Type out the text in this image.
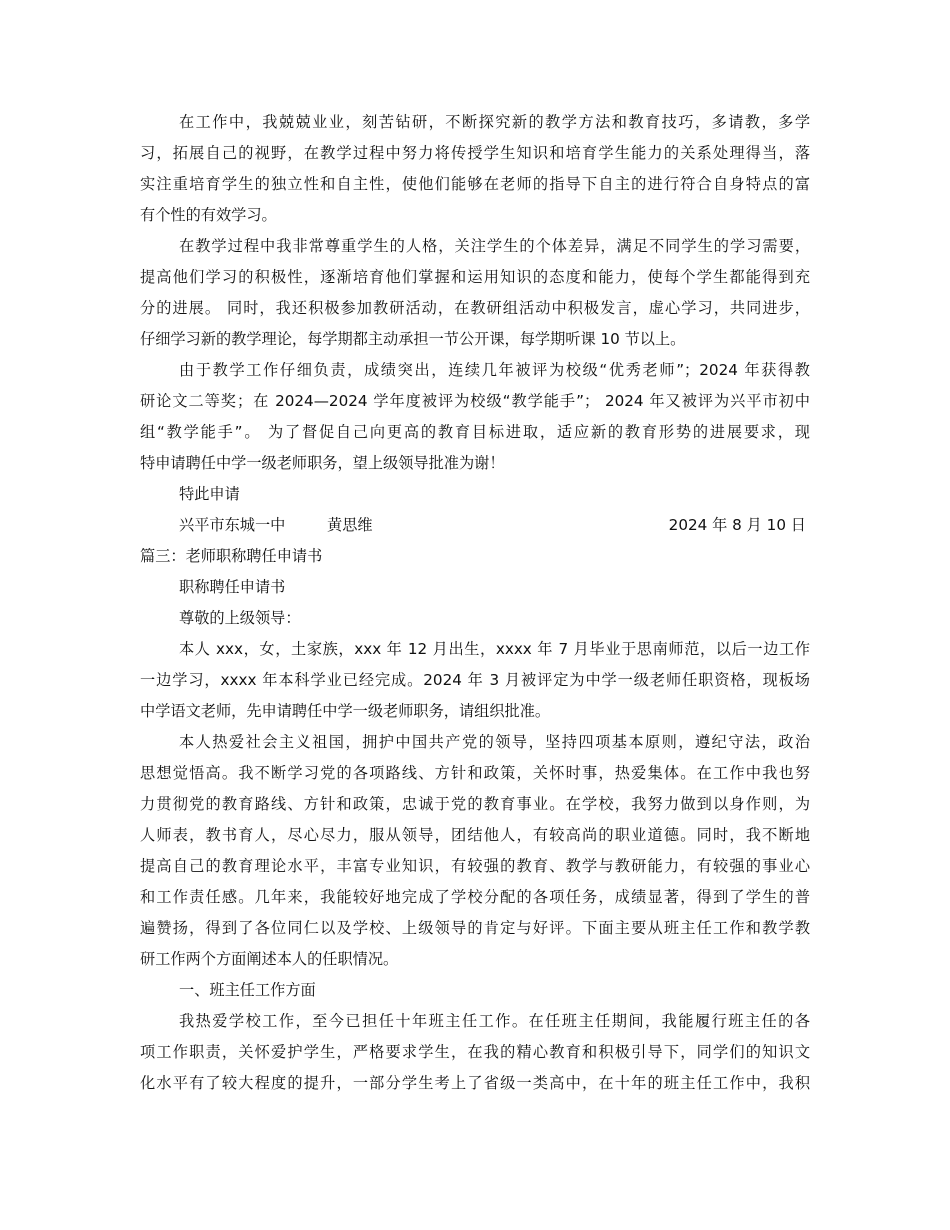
在工作中，我兢兢业业，刻苦钻研，不断探究新的教学方法和教育技巧，多请教，多学
习，拓展自己的视野，在教学过程中努力将传授学生知识和培育学生能力的关系处理得当，落
实注重培育学生的独立性和自主性，使他们能够在老师的指导下自主的进行符合自身特点的富
有个性的有效学习。
在教学过程中我非常尊重学生的人格，关注学生的个体差异，满足不同学生的学习需要，
提高他们学习的积极性，逐渐培育他们掌握和运用知识的态度和能力，使每个学生都能得到充
分的进展。 同时，我还积极参加教研活动，在教研组活动中积极发言，虚心学习，共同进步，
仔细学习新的教学理论，每学期都主动承担一节公开课，每学期听课 10 节以上。
由于教学工作仔细负责，成绩突出，连续几年被评为校级“优秀老师”；2024 年获得教
研论文二等奖；在 2024—2024 学年度被评为校级“教学能手”； 2024 年又被评为兴平市初中
组“教学能手”。 为了督促自己向更高的教育目标进取，适应新的教育形势的进展要求，现
特申请聘任中学一级老师职务，望上级领导批准为谢！
特此申请
兴平市东城一中	黄思维	2024 年 8 月 10 日
篇三：老师职称聘任申请书
职称聘任申请书
尊敬的上级领导：
本人 xxx，女，土家族，xxx 年 12 月出生，xxxx 年 7 月毕业于思南师范，以后一边工作
一边学习，xxxx 年本科学业已经完成。2024 年 3 月被评定为中学一级老师任职资格，现板场
中学语文老师，先申请聘任中学一级老师职务，请组织批准。
本人热爱社会主义祖国，拥护中国共产党的领导，坚持四项基本原则，遵纪守法，政治
思想觉悟高。我不断学习党的各项路线、方针和政策，关怀时事，热爱集体。在工作中我也努
力贯彻党的教育路线、方针和政策，忠诚于党的教育事业。在学校，我努力做到以身作则，为
人师表，教书育人，尽心尽力，服从领导，团结他人，有较高尚的职业道德。同时，我不断地
提高自己的教育理论水平，丰富专业知识，有较强的教育、教学与教研能力，有较强的事业心
和工作责任感。几年来，我能较好地完成了学校分配的各项任务，成绩显著，得到了学生的普
遍赞扬，得到了各位同仁以及学校、上级领导的肯定与好评。下面主要从班主任工作和教学教
研工作两个方面阐述本人的任职情况。
一、班主任工作方面
我热爱学校工作，至今已担任十年班主任工作。在任班主任期间，我能履行班主任的各
项工作职责，关怀爱护学生，严格要求学生，在我的精心教育和积极引导下，同学们的知识文
化水平有了较大程度的提升，一部分学生考上了省级一类高中，在十年的班主任工作中，我积
